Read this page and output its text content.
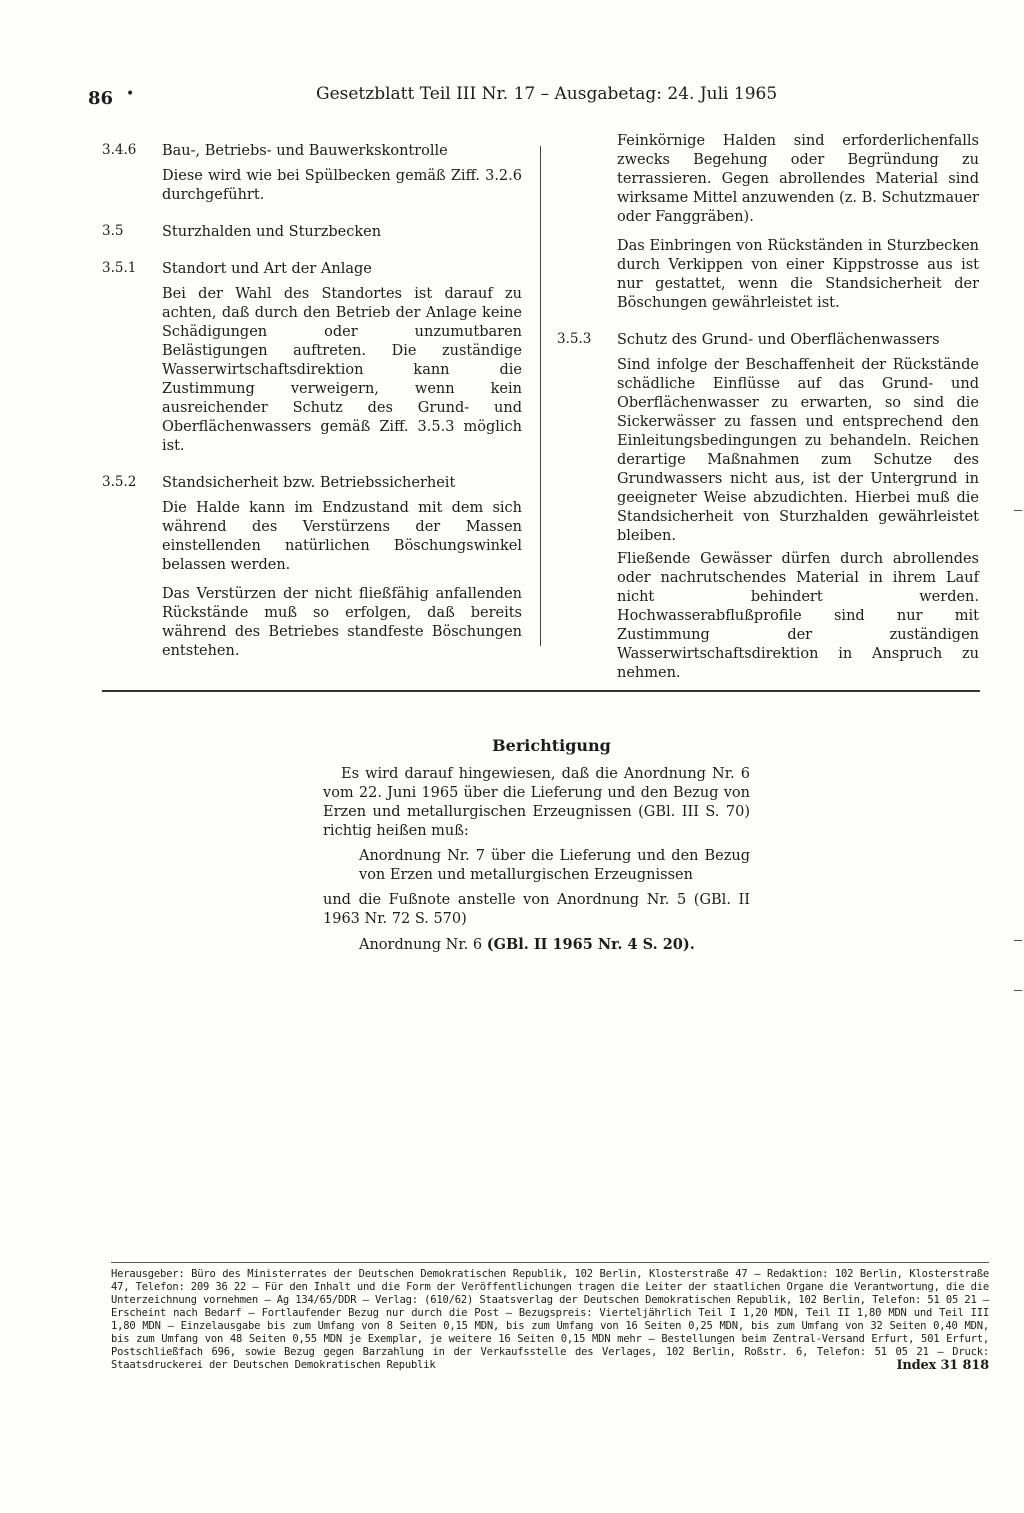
86 •	Gesetzblatt Teil III Nr. 17 – Ausgabetag: 24. Juli 1965
3.4.6 Bau-, Betriebs- und Bauwerkskontrolle

Diese wird wie bei Spülbecken gemäß Ziff. 3.2.6 durchgeführt.

3.5	Sturzhalden und Sturzbecken
3.5.1 Standort und Art der Anlage

Bei der Wahl des Standortes ist darauf zu achten, daß durch den Betrieb der Anlage keine Schädigungen oder unzumutbaren Belästigungen auftreten. Die zuständige Wasserwirtschaftsdirektion kann die Zustimmung verweigern, wenn kein ausreichender Schutz des Grund- und Oberflächenwassers gemäß Ziff. 3.5.3 möglich ist.

3.5.2 Standsicherheit bzw. Betriebssicherheit

Die Halde kann im Endzustand mit dem sich während des Verstürzens der Massen einstellenden natürlichen Böschungswinkel belassen werden.

Das Verstürzen der nicht fließfähig anfallenden Rückstände muß so erfolgen, daß bereits während des Betriebes standfeste Böschungen entstehen.

Feinkörnige Halden sind erforderlichenfalls zwecks Begehung oder Begründung zu terrassieren. Gegen abrollendes Material sind wirksame Mittel anzuwenden (z. B. Schutzmauer oder Fanggräben).

Das Einbringen von Rückständen in Sturzbecken durch Verkippen von einer Kippstrosse aus ist nur gestattet, wenn die Standsicherheit der Böschungen gewährleistet ist.

3.5.3 Schutz des Grund- und Oberflächenwassers

Sind infolge der Beschaffenheit der Rückstände schädliche Einflüsse auf das Grund- und Oberflächenwasser zu erwarten, so sind die Sickerwässer zu fassen und entsprechend den Einleitungsbedingungen zu behandeln. Reichen derartige Maßnahmen zum Schutze des Grundwassers nicht aus, ist der Untergrund in geeigneter Weise abzudichten. Hierbei muß die Standsicherheit von Sturzhalden gewährleistet bleiben.

Fließende Gewässer dürfen durch abrollendes oder nachrutschendes Material in ihrem Lauf nicht behindert werden. Hochwasserabflußprofile sind nur mit Zustimmung der zuständigen Wasserwirtschaftsdirektion in Anspruch zu nehmen.

Berichtigung

Es wird darauf hingewiesen, daß die Anordnung Nr. 6 vom 22. Juni 1965 über die Lieferung und den Bezug von Erzen und metallurgischen Erzeugnissen (GBl. III S. 70) richtig heißen muß:

Anordnung Nr. 7 über die Lieferung und den Bezug von Erzen und metallurgischen Erzeugnissen

und die Fußnote anstelle von Anordnung Nr. 5 (GBl. II 1963 Nr. 72 S. 570)

Anordnung Nr. 6 (GBl. II 1965 Nr. 4 S. 20).

Herausgeber: Büro des Ministerrates der Deutschen Demokratischen Republik, 102 Berlin, Klosterstraße 47 – Redaktion: 102 Berlin, Klosterstraße 47, Telefon: 209 36 22 – Für den Inhalt und die Form der Veröffentlichungen tragen die Leiter der staatlichen Organe die Verantwortung, die die Unterzeichnung vornehmen – Ag 134/65/DDR – Verlag: (610/62) Staatsverlag der Deutschen Demokratischen Republik, 102 Berlin, Telefon: 51 05 21 – Erscheint nach Bedarf – Fortlaufender Bezug nur durch die Post – Bezugspreis: Vierteljährlich Teil I 1,20 MDN, Teil II 1,80 MDN und Teil III 1,80 MDN – Einzelausgabe bis zum Umfang von 8 Seiten 0,15 MDN, bis zum Umfang von 16 Seiten 0,25 MDN, bis zum Umfang von 32 Seiten 0,40 MDN, bis zum Umfang von 48 Seiten 0,55 MDN je Exemplar, je weitere 16 Seiten 0,15 MDN mehr – Bestellungen beim Zentral-Versand Erfurt, 501 Erfurt, Postschließfach 696, sowie Bezug gegen Barzahlung in der Verkaufsstelle des Verlages, 102 Berlin, Roßstr. 6, Telefon: 51 05 21 – Druck: Staatsdruckerei der Deutschen Demokratischen Republik	Index 31 818
